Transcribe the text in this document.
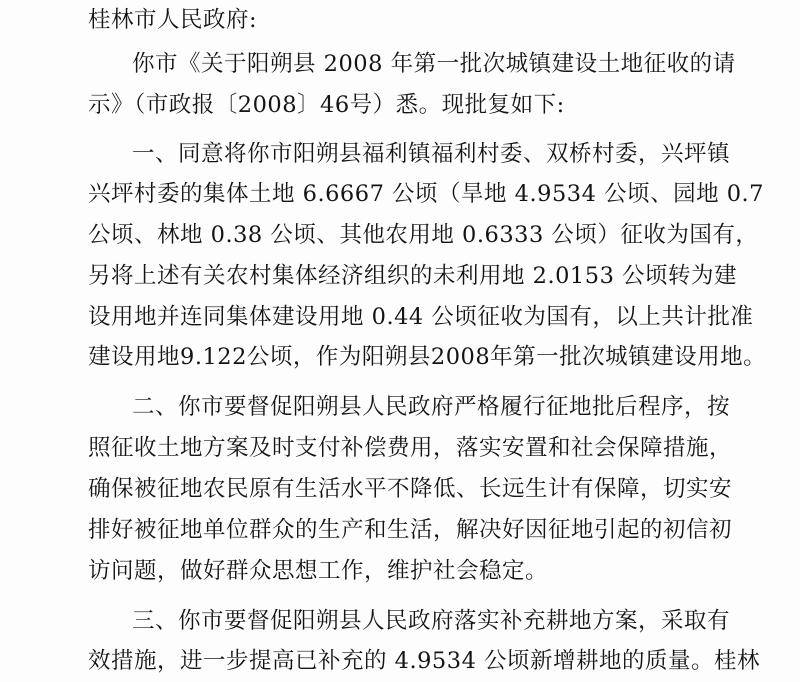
桂林市人民政府:

你市《关于阳朔县 2008 年第一批次城镇建设土地征收的请

示》（市政报〔2008〕46号）悉。现批复如下:

一、同意将你市阳朔县福利镇福利村委、双桥村委，兴坪镇

兴坪村委的集体土地 6.6667 公顷（旱地 4.9534 公顷、园地 0.7

公顷、林地 0.38 公顷、其他农用地 0.6333 公顷）征收为国有，

另将上述有关农村集体经济组织的未利用地 2.0153 公顷转为建

设用地并连同集体建设用地 0.44 公顷征收为国有，以上共计批准

建设用地9.122公顷，作为阳朔县2008年第一批次城镇建设用地。

二、你市要督促阳朔县人民政府严格履行征地批后程序，按

照征收土地方案及时支付补偿费用，落实安置和社会保障措施，

确保被征地农民原有生活水平不降低、长远生计有保障，切实安

排好被征地单位群众的生产和生活，解决好因征地引起的初信初

访问题，做好群众思想工作，维护社会稳定。

三、你市要督促阳朔县人民政府落实补充耕地方案，采取有

效措施，进一步提高已补充的 4.9534 公顷新增耕地的质量。桂林
